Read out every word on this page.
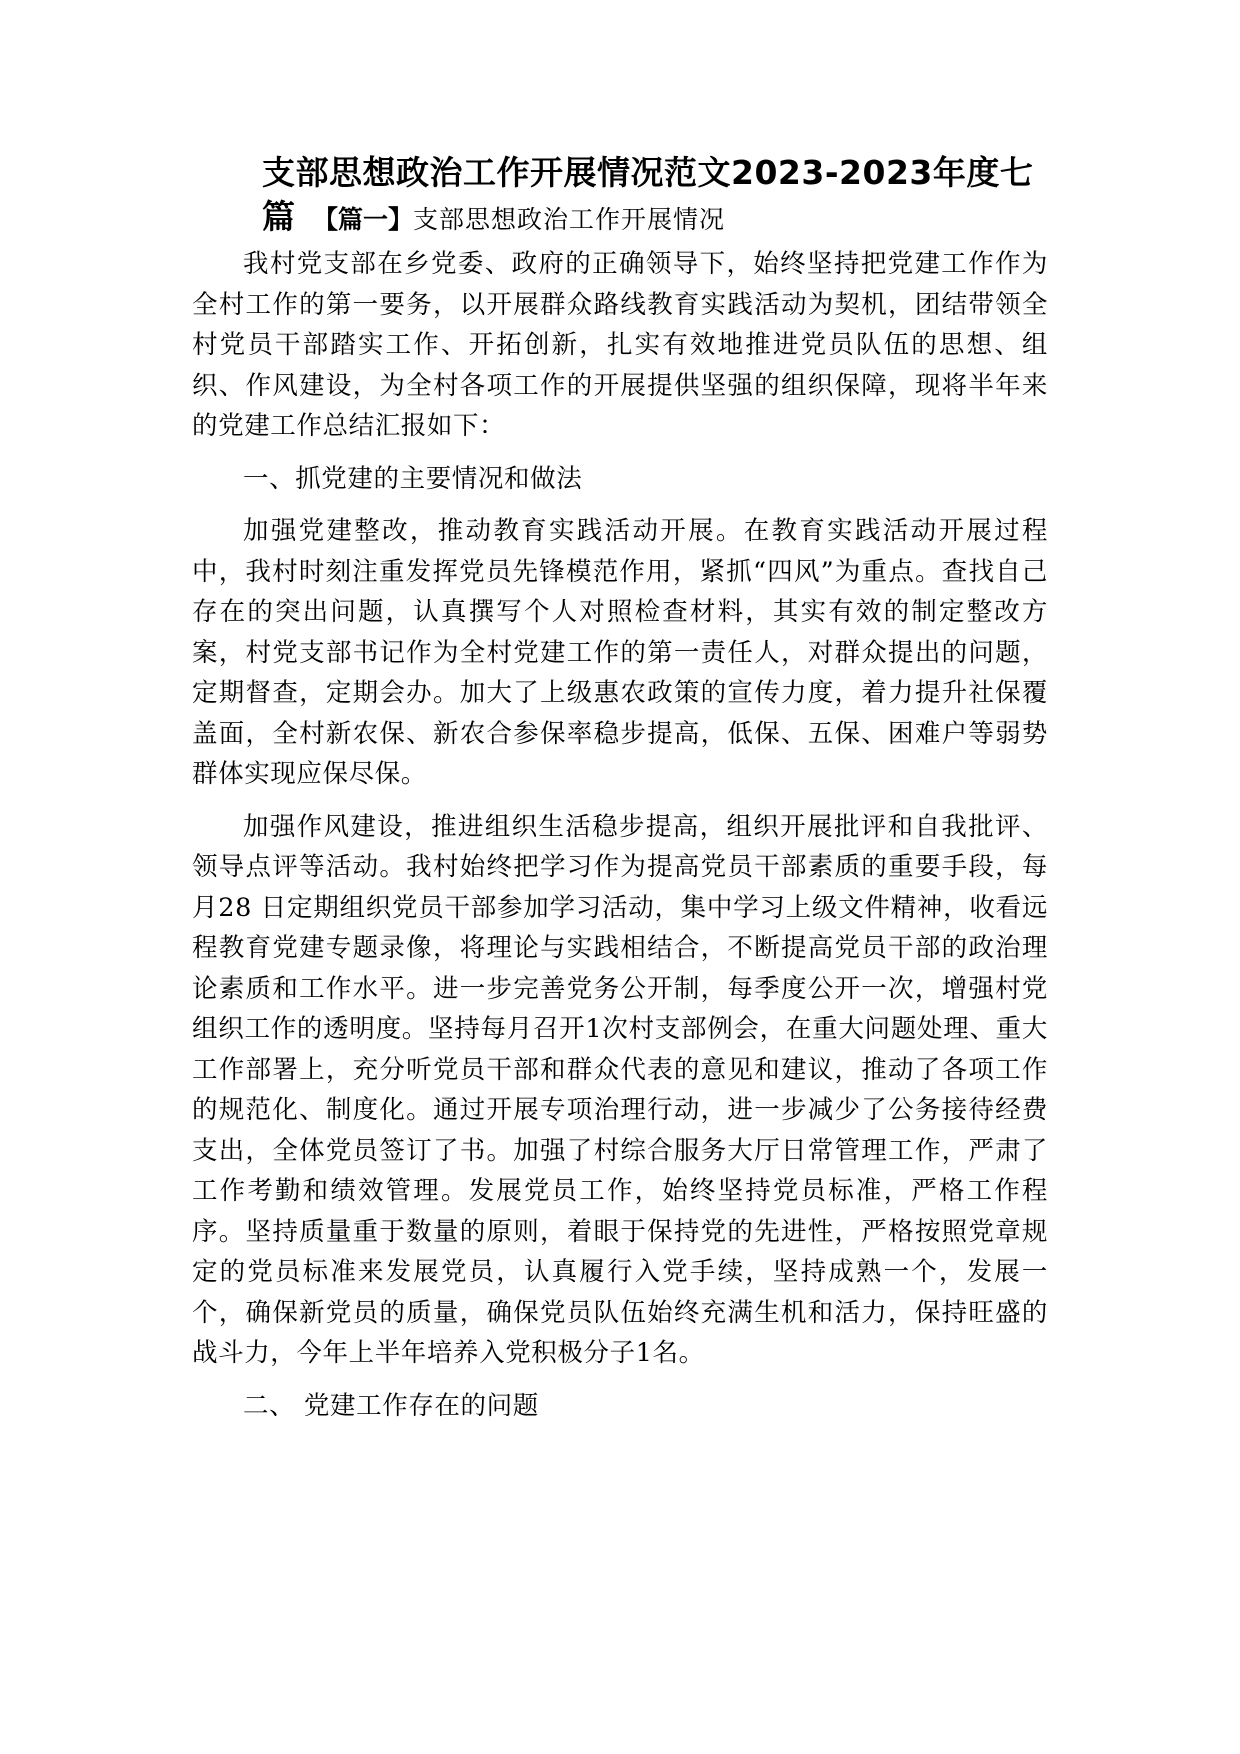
支部思想政治工作开展情况范文2023-2023年度七
篇 【篇一】支部思想政治工作开展情况

我村党支部在乡党委、政府的正确领导下，始终坚持把党建工作作为全村工作的第一要务，以开展群众路线教育实践活动为契机，团结带领全村党员干部踏实工作、开拓创新，扎实有效地推进党员队伍的思想、组织、作风建设，为全村各项工作的开展提供坚强的组织保障，现将半年来的党建工作总结汇报如下：

一、抓党建的主要情况和做法

加强党建整改，推动教育实践活动开展。在教育实践活动开展过程中，我村时刻注重发挥党员先锋模范作用，紧抓“四风”为重点。查找自己存在的突出问题，认真撰写个人对照检查材料，其实有效的制定整改方案，村党支部书记作为全村党建工作的第一责任人，对群众提出的问题，定期督查，定期会办。加大了上级惠农政策的宣传力度，着力提升社保覆盖面，全村新农保、新农合参保率稳步提高，低保、五保、困难户等弱势群体实现应保尽保。

加强作风建设，推进组织生活稳步提高，组织开展批评和自我批评、领导点评等活动。我村始终把学习作为提高党员干部素质的重要手段，每月28 日定期组织党员干部参加学习活动，集中学习上级文件精神，收看远程教育党建专题录像，将理论与实践相结合，不断提高党员干部的政治理论素质和工作水平。进一步完善党务公开制，每季度公开一次，增强村党组织工作的透明度。坚持每月召开1次村支部例会，在重大问题处理、重大工作部署上，充分听党员干部和群众代表的意见和建议，推动了各项工作的规范化、制度化。通过开展专项治理行动，进一步减少了公务接待经费支出，全体党员签订了书。加强了村综合服务大厅日常管理工作，严肃了工作考勤和绩效管理。发展党员工作，始终坚持党员标准，严格工作程序。坚持质量重于数量的原则，着眼于保持党的先进性，严格按照党章规定的党员标准来发展党员，认真履行入党手续，坚持成熟一个，发展一个，确保新党员的质量，确保党员队伍始终充满生机和活力，保持旺盛的战斗力，今年上半年培养入党积极分子1名。

二、 党建工作存在的问题
